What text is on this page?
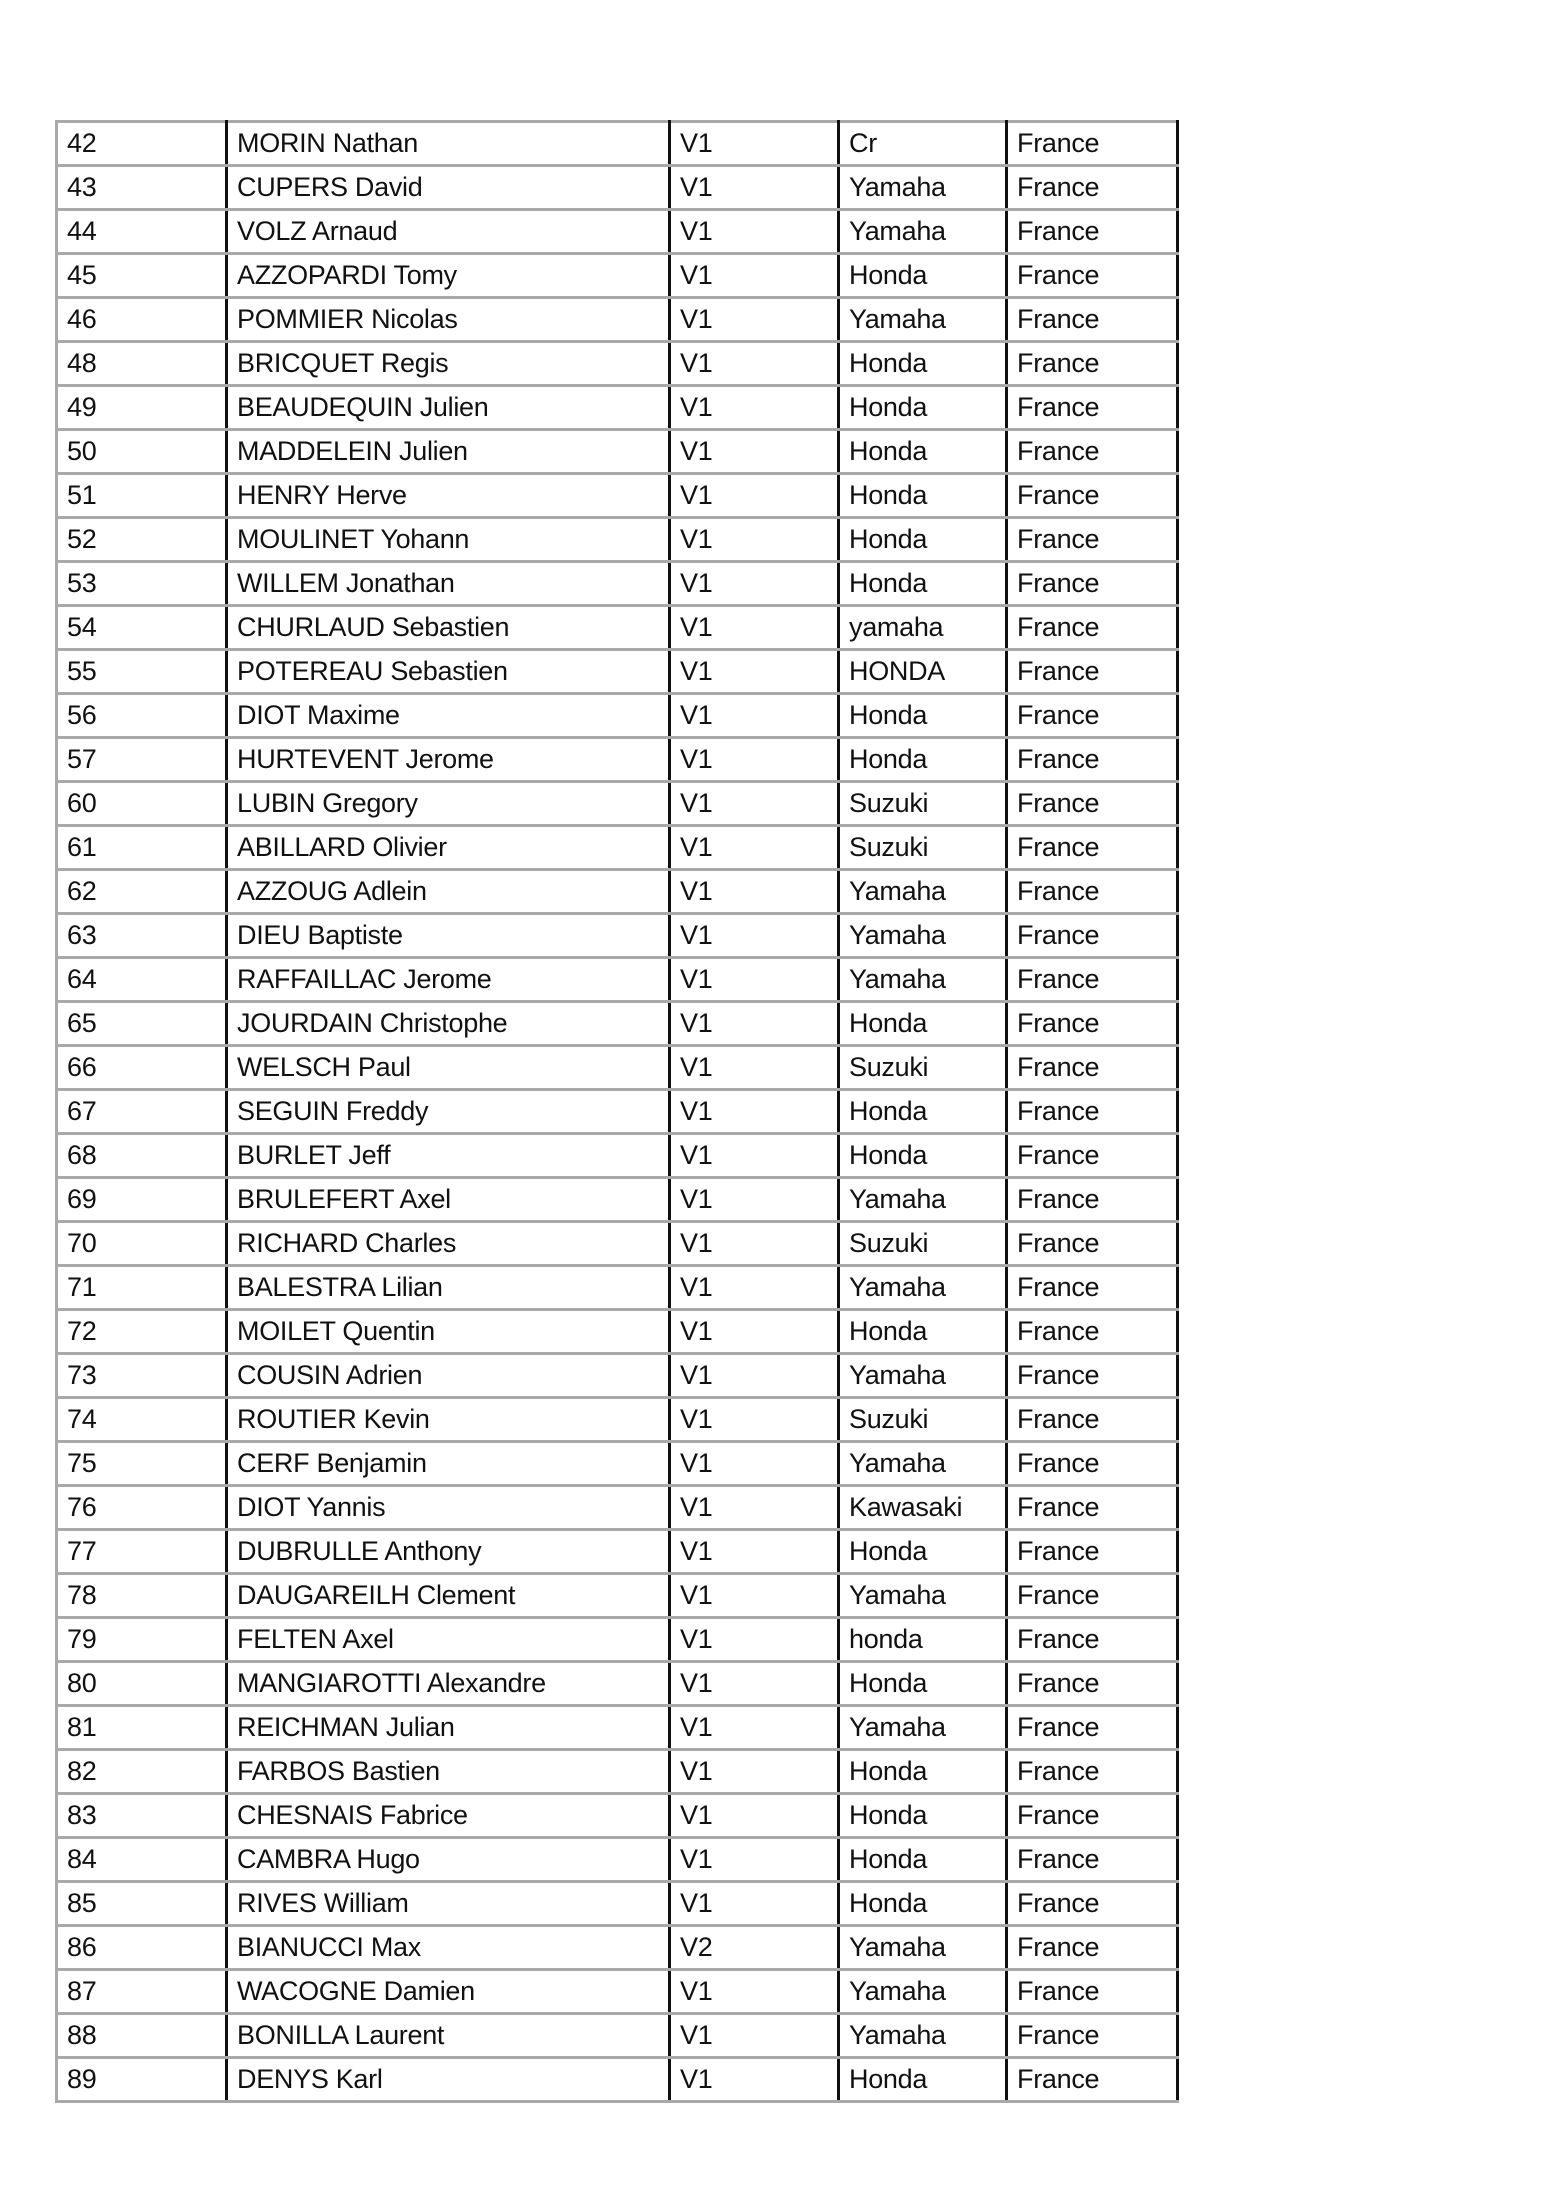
42	MORIN Nathan	V1	Cr	France
43	CUPERS David	V1	Yamaha	France
44	VOLZ Arnaud	V1	Yamaha	France
45	AZZOPARDI Tomy	V1	Honda	France
46	POMMIER Nicolas	V1	Yamaha	France
48	BRICQUET Regis	V1	Honda	France
49	BEAUDEQUIN Julien	V1	Honda	France
50	MADDELEIN Julien	V1	Honda	France
51	HENRY Herve	V1	Honda	France
52	MOULINET Yohann	V1	Honda	France
53	WILLEM Jonathan	V1	Honda	France
54	CHURLAUD Sebastien	V1	yamaha	France
55	POTEREAU Sebastien	V1	HONDA	France
56	DIOT Maxime	V1	Honda	France
57	HURTEVENT Jerome	V1	Honda	France
60	LUBIN Gregory	V1	Suzuki	France
61	ABILLARD Olivier	V1	Suzuki	France
62	AZZOUG Adlein	V1	Yamaha	France
63	DIEU Baptiste	V1	Yamaha	France
64	RAFFAILLAC Jerome	V1	Yamaha	France
65	JOURDAIN Christophe	V1	Honda	France
66	WELSCH Paul	V1	Suzuki	France
67	SEGUIN Freddy	V1	Honda	France
68	BURLET Jeff	V1	Honda	France
69	BRULEFERT Axel	V1	Yamaha	France
70	RICHARD Charles	V1	Suzuki	France
71	BALESTRA Lilian	V1	Yamaha	France
72	MOILET Quentin	V1	Honda	France
73	COUSIN Adrien	V1	Yamaha	France
74	ROUTIER Kevin	V1	Suzuki	France
75	CERF Benjamin	V1	Yamaha	France
76	DIOT Yannis	V1	Kawasaki	France
77	DUBRULLE Anthony	V1	Honda	France
78	DAUGAREILH Clement	V1	Yamaha	France
79	FELTEN Axel	V1	honda	France
80	MANGIAROTTI Alexandre	V1	Honda	France
81	REICHMAN Julian	V1	Yamaha	France
82	FARBOS Bastien	V1	Honda	France
83	CHESNAIS Fabrice	V1	Honda	France
84	CAMBRA Hugo	V1	Honda	France
85	RIVES William	V1	Honda	France
86	BIANUCCI Max	V2	Yamaha	France
87	WACOGNE Damien	V1	Yamaha	France
88	BONILLA Laurent	V1	Yamaha	France
89	DENYS Karl	V1	Honda	France
